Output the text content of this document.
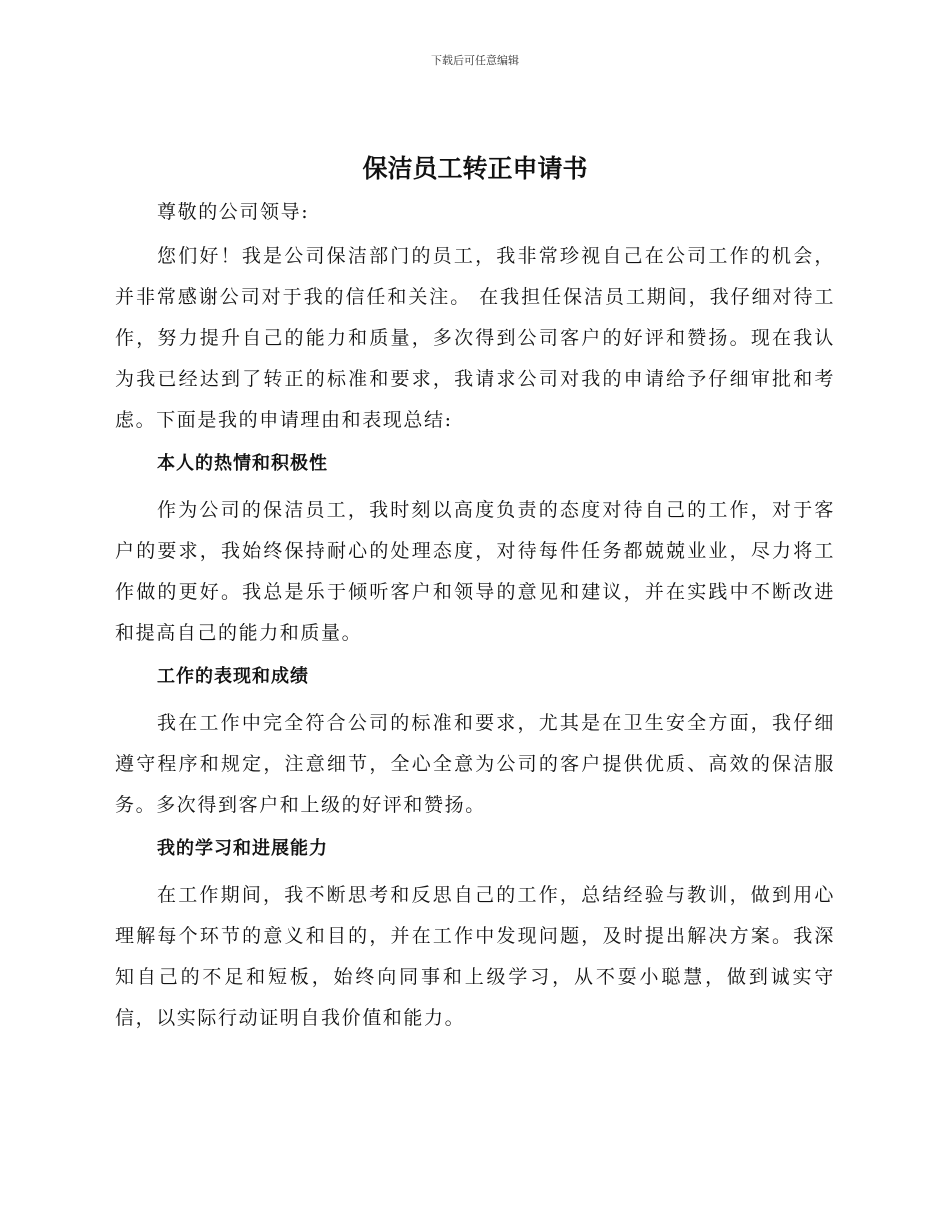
下载后可任意编辑
保洁员工转正申请书

尊敬的公司领导:

您们好！我是公司保洁部门的员工，我非常珍视自己在公司工作的机会，并非常感谢公司对于我的信任和关注。 在我担任保洁员工期间，我仔细对待工作，努力提升自己的能力和质量，多次得到公司客户的好评和赞扬。现在我认为我已经达到了转正的标准和要求，我请求公司对我的申请给予仔细审批和考虑。下面是我的申请理由和表现总结:

本人的热情和积极性

作为公司的保洁员工，我时刻以高度负责的态度对待自己的工作，对于客户的要求，我始终保持耐心的处理态度，对待每件任务都兢兢业业，尽力将工作做的更好。我总是乐于倾听客户和领导的意见和建议，并在实践中不断改进和提高自己的能力和质量。

工作的表现和成绩

我在工作中完全符合公司的标准和要求，尤其是在卫生安全方面，我仔细遵守程序和规定，注意细节，全心全意为公司的客户提供优质、高效的保洁服务。多次得到客户和上级的好评和赞扬。

我的学习和进展能力

在工作期间，我不断思考和反思自己的工作，总结经验与教训，做到用心理解每个环节的意义和目的，并在工作中发现问题，及时提出解决方案。我深知自己的不足和短板，始终向同事和上级学习，从不耍小聪慧，做到诚实守信，以实际行动证明自我价值和能力。
